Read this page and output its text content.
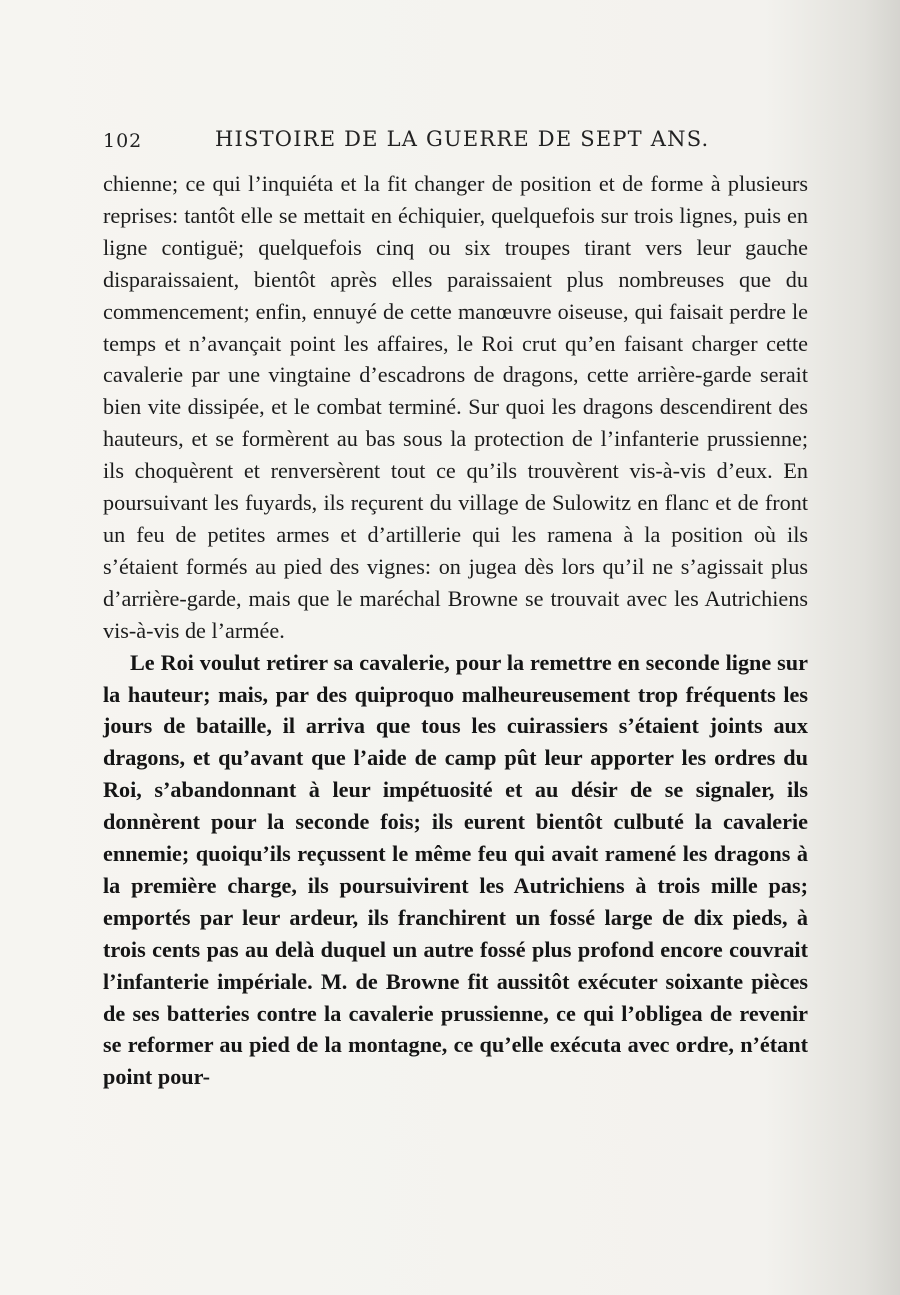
102	HISTOIRE DE LA GUERRE DE SEPT ANS.

chienne; ce qui l’inquiéta et la fit changer de position et de forme à plusieurs reprises: tantôt elle se mettait en échiquier, quelquefois sur trois lignes, puis en ligne contiguë; quelquefois cinq ou six troupes tirant vers leur gauche disparaissaient, bientôt après elles paraissaient plus nombreuses que du commencement; enfin, ennuyé de cette manœuvre oiseuse, qui faisait perdre le temps et n’avançait point les affaires, le Roi crut qu’en faisant charger cette cavalerie par une vingtaine d’escadrons de dragons, cette arrière-garde serait bien vite dissipée, et le combat terminé. Sur quoi les dragons descendirent des hauteurs, et se formèrent au bas sous la protection de l’infanterie prussienne; ils choquèrent et renversèrent tout ce qu’ils trouvèrent vis-à-vis d’eux. En poursuivant les fuyards, ils reçurent du village de Sulowitz en flanc et de front un feu de petites armes et d’artillerie qui les ramena à la position où ils s’étaient formés au pied des vignes: on jugea dès lors qu’il ne s’agissait plus d’arrière-garde, mais que le maréchal Browne se trouvait avec les Autrichiens vis-à-vis de l’armée.

Le Roi voulut retirer sa cavalerie, pour la remettre en seconde ligne sur la hauteur; mais, par des quiproquo malheureusement trop fréquents les jours de bataille, il arriva que tous les cuirassiers s’étaient joints aux dragons, et qu’avant que l’aide de camp pût leur apporter les ordres du Roi, s’abandonnant à leur impétuosité et au désir de se signaler, ils donnèrent pour la seconde fois; ils eurent bientôt culbuté la cavalerie ennemie; quoiqu’ils reçussent le même feu qui avait ramené les dragons à la première charge, ils poursuivirent les Autrichiens à trois mille pas; emportés par leur ardeur, ils franchirent un fossé large de dix pieds, à trois cents pas au delà duquel un autre fossé plus profond encore couvrait l’infanterie impériale. M. de Browne fit aussitôt exécuter soixante pièces de ses batteries contre la cavalerie prussienne, ce qui l’obligea de revenir se reformer au pied de la montagne, ce qu’elle exécuta avec ordre, n’étant point pour-
